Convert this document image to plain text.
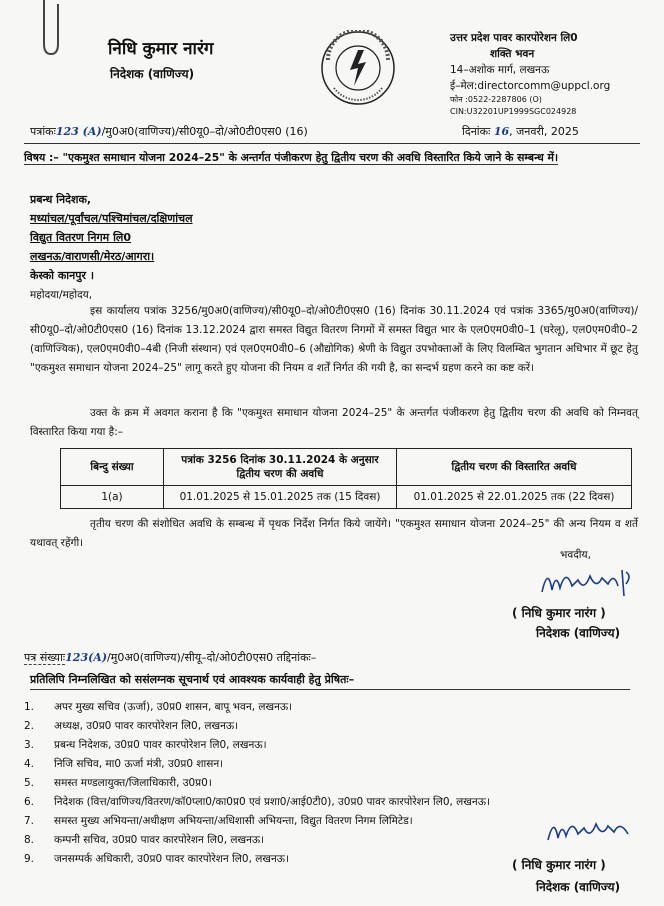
निधि कुमार नारंग
निदेशक (वाणिज्य)
उत्तर प्रदेश पावर कारपोरेशन लि0
शक्ति भवन
14–अशोक मार्ग, लखनऊ
ई–मेल:directorcomm@uppcl.org
फोन :0522-2287806 (O)
CIN:U32201UP1999SGC024928
पत्रांकः123 (A)/मु0अ0(वाणिज्य)/सी0यू0–दो/ओ0टी0एस0 (16)	दिनांकः 16, जनवरी, 2025
विषय :– "एकमुश्त समाधान योजना 2024–25" के अन्तर्गत पंजीकरण हेतु द्वितीय चरण की अवधि विस्तारित किये जाने के सम्बन्ध में।
प्रबन्ध निदेशक,
मध्यांचल/पूर्वांचल/पश्चिमांचल/दक्षिणांचल
विद्युत वितरण निगम लि0
लखनऊ/वाराणसी/मेरठ/आगरा।
केस्को कानपुर ।
महोदया/महोदय,
इस कार्यालय पत्रांक 3256/मु0अ0(वाणिज्य)/सी0यू0–दो/ओ0टी0एस0 (16) दिनांक 30.11.2024 एवं पत्रांक 3365/मु0अ0(वाणिज्य)/सी0यू0–दो/ओ0टी0एस0 (16) दिनांक 13.12.2024 द्वारा समस्त विद्युत वितरण निगमों में समस्त विद्युत भार के एल0एम0वी0–1 (घरेलू), एल0एम0वी0–2 (वाणिज्यिक), एल0एम0वी0–4बी (निजी संस्थान) एवं एल0एम0वी0–6 (औद्योगिक) श्रेणी के विद्युत उपभोक्ताओं के लिए विलम्बित भुगतान अधिभार में छूट हेतु "एकमुश्त समाधान योजना 2024–25" लागू करते हुए योजना की नियम व शर्तें निर्गत की गयी है, का सन्दर्भ ग्रहण करने का कष्ट करें।
उक्त के क्रम में अवगत कराना है कि "एकमुश्त समाधान योजना 2024–25" के अन्तर्गत पंजीकरण हेतु द्वितीय चरण की अवधि को निम्नवत् विस्तारित किया गया है:–
बिन्दु संख्या	पत्रांक 3256 दिनांक 30.11.2024 के अनुसार द्वितीय चरण की अवधि	द्वितीय चरण की विस्तारित अवधि
1(a)	01.01.2025 से 15.01.2025 तक (15 दिवस)	01.01.2025 से 22.01.2025 तक (22 दिवस)
तृतीय चरण की संशोधित अवधि के सम्बन्ध में पृथक निर्देश निर्गत किये जायेंगे। "एकमुश्त समाधान योजना 2024–25" की अन्य नियम व शर्ते यथावत् रहेंगी।
भवदीय,
( निधि कुमार नारंग )
निदेशक (वाणिज्य)
पत्र संख्याः123(A)/मु0अ0(वाणिज्य)/सीयू–दो/ओ0टी0एस0 तद्दिनांकः–
प्रतिलिपि निम्नलिखित को ससंलग्नक सूचनार्थ एवं आवश्यक कार्यवाही हेतु प्रेषितः–
1. अपर मुख्य सचिव (ऊर्जा), उ0प्र0 शासन, बापू भवन, लखनऊ।
2. अध्यक्ष, उ0प्र0 पावर कारपोरेशन लि0, लखनऊ।
3. प्रबन्ध निदेशक, उ0प्र0 पावर कारपोरेशन लि0, लखनऊ।
4. निजि सचिव, मा0 ऊर्जा मंत्री, उ0प्र0 शासन।
5. समस्त मण्डलायुक्त/जिलाधिकारी, उ0प्र0।
6. निदेशक (वित्त/वाणिज्य/वितरण/कॉ0प्ला0/का0प्र0 एवं प्रशा0/आई0टी0), उ0प्र0 पावर कारपोरेशन लि0, लखनऊ।
7. समस्त मुख्य अभियन्ता/अधीक्षण अभियन्ता/अधिशासी अभियन्ता, विद्युत वितरण निगम लिमिटेड।
8. कम्पनी सचिव, उ0प्र0 पावर कारपोरेशन लि0, लखनऊ।
9. जनसम्पर्क अधिकारी, उ0प्र0 पावर कारपोरेशन लि0, लखनऊ।	( निधि कुमार नारंग )
निदेशक (वाणिज्य)
